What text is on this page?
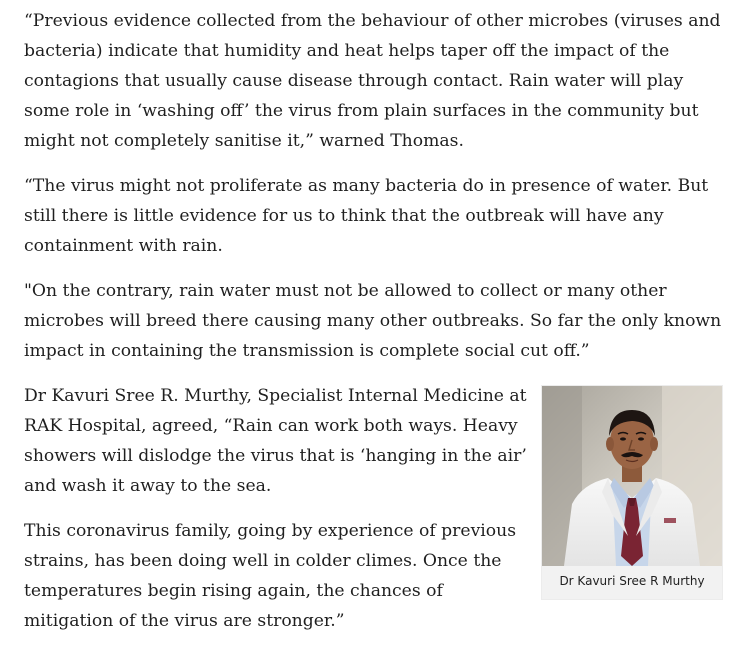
“Previous evidence collected from the behaviour of other microbes (viruses and bacteria) indicate that humidity and heat helps taper off the impact of the contagions that usually cause disease through contact. Rain water will play some role in ‘washing off’ the virus from plain surfaces in the community but might not completely sanitise it,” warned Thomas.

“The virus might not proliferate as many bacteria do in presence of water. But still there is little evidence for us to think that the outbreak will have any containment with rain.

"On the contrary, rain water must not be allowed to collect or many other microbes will breed there causing many other outbreaks. So far the only known impact in containing the transmission is complete social cut off.”

Dr Kavuri Sree R. Murthy, Specialist Internal Medicine at RAK Hospital, agreed, “Rain can work both ways. Heavy showers will dislodge the virus that is ‘hanging in the air’ and wash it away to the sea.

This coronavirus family, going by experience of previous strains, has been doing well in colder climes. Once the temperatures begin rising again, the chances of mitigation of the virus are stronger.”

Dr Kavuri Sree R Murthy
